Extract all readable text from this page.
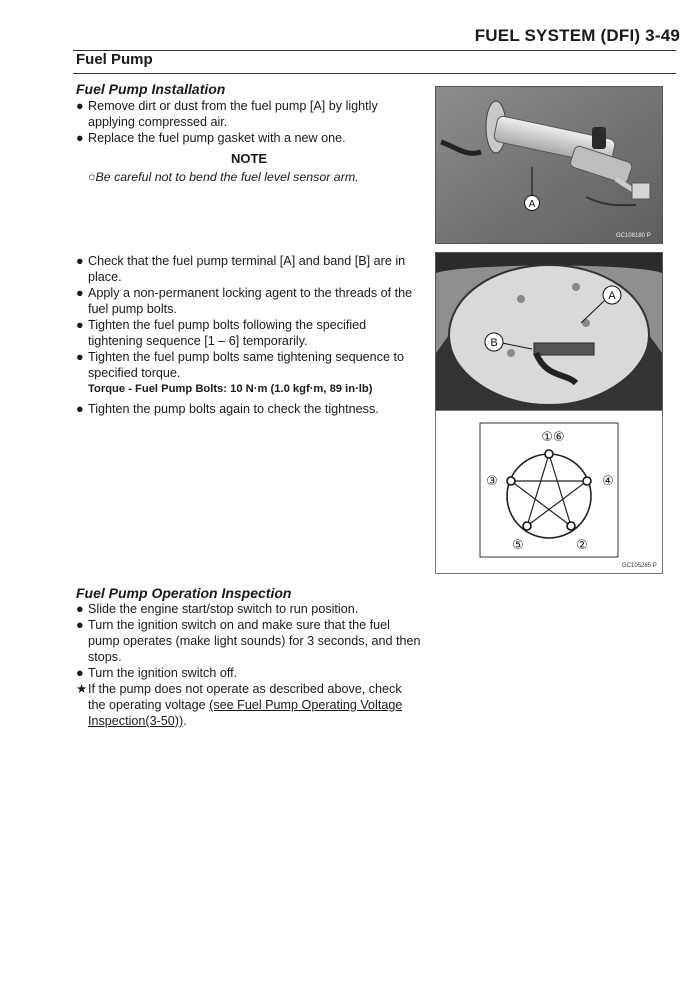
FUEL SYSTEM (DFI) 3-49
Fuel Pump
Fuel Pump Installation
● Remove dirt or dust from the fuel pump [A] by lightly applying compressed air.
● Replace the fuel pump gasket with a new one.
NOTE
○Be careful not to bend the fuel level sensor arm.
● Check that the fuel pump terminal [A] and band [B] are in place.
● Apply a non-permanent locking agent to the threads of the fuel pump bolts.
● Tighten the fuel pump bolts following the specified tightening sequence [1 – 6] temporarily.
● Tighten the fuel pump bolts same tightening sequence to specified torque.
Torque - Fuel Pump Bolts: 10 N·m (1.0 kgf·m, 89 in·lb)
● Tighten the pump bolts again to check the tightness.
Fuel Pump Operation Inspection
● Slide the engine start/stop switch to run position.
● Turn the ignition switch on and make sure that the fuel pump operates (make light sounds) for 3 seconds, and then stops.
● Turn the ignition switch off.
★ If the pump does not operate as described above, check the operating voltage (see Fuel Pump Operating Voltage Inspection(3-50)).
A
GC108180 P
A
B
①⑥
③	④
⑤	②
GC105285 P
